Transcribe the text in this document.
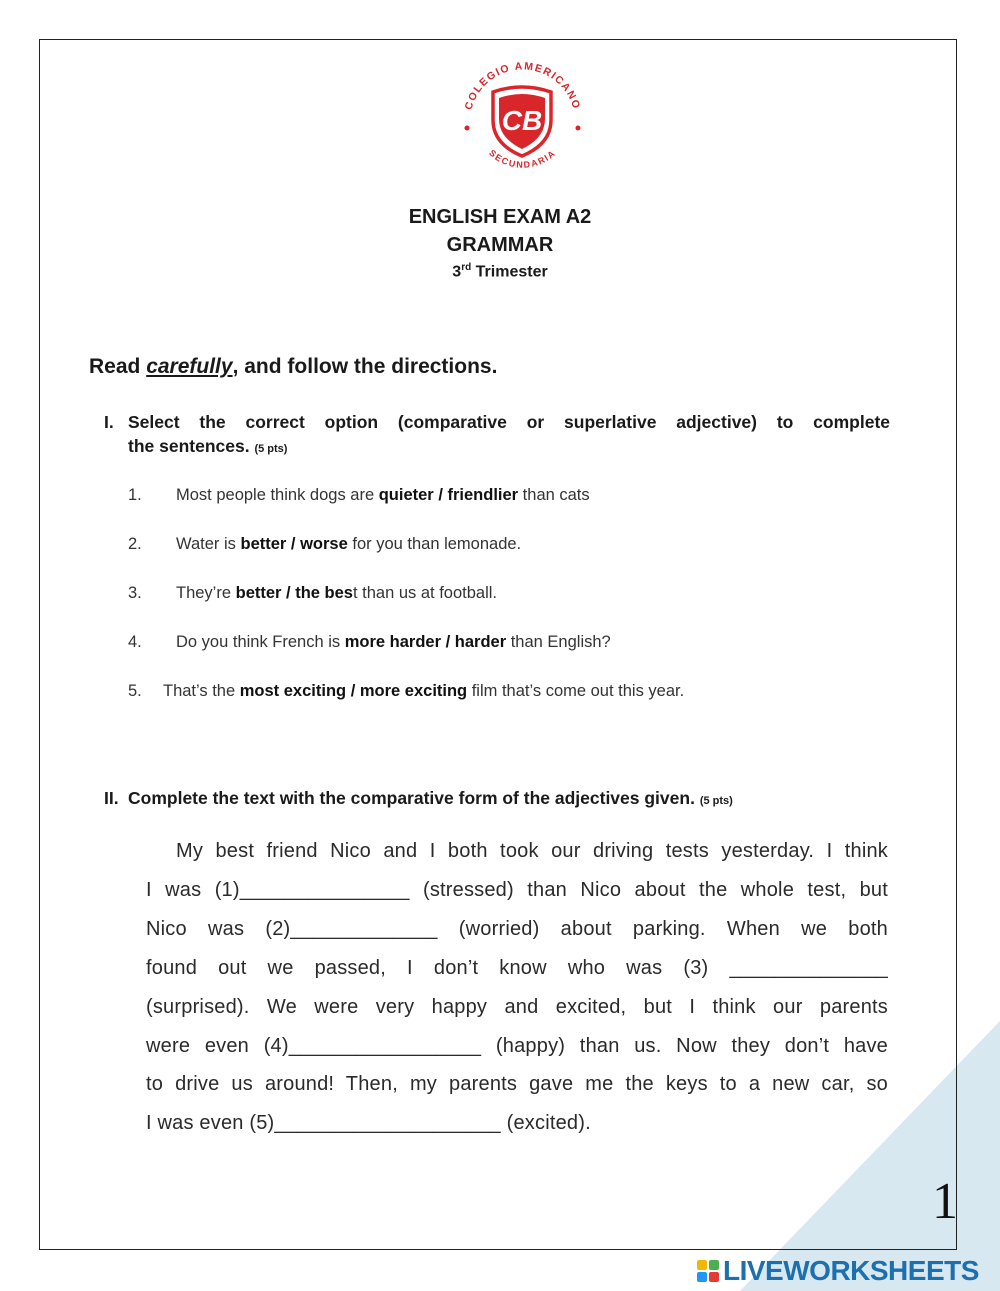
COLEGIO AMERICANO
SECUNDARIA
CB
ENGLISH EXAM A2
GRAMMAR
3rd Trimester
Read carefully, and follow the directions.
I. Select the correct option (comparative or superlative adjective) to complete
the sentences. (5 pts)
1. Most people think dogs are quieter / friendlier than cats
2. Water is better / worse for you than lemonade.
3. They’re better / the best than us at football.
4. Do you think French is more harder / harder than English?
5. That’s the most exciting / more exciting film that’s come out this year.
II. Complete the text with the comparative form of the adjectives given. (5 pts)
My best friend Nico and I both took our driving tests yesterday. I think
I was (1)_______________ (stressed) than Nico about the whole test, but
Nico was (2)_____________ (worried) about parking. When we both
found out we passed, I don’t know who was (3) ______________
(surprised). We were very happy and excited, but I think our parents
were even (4)_________________ (happy) than us. Now they don’t have
to drive us around! Then, my parents gave me the keys to a new car, so
I was even (5)____________________ (excited).
1
LIVEWORKSHEETS
